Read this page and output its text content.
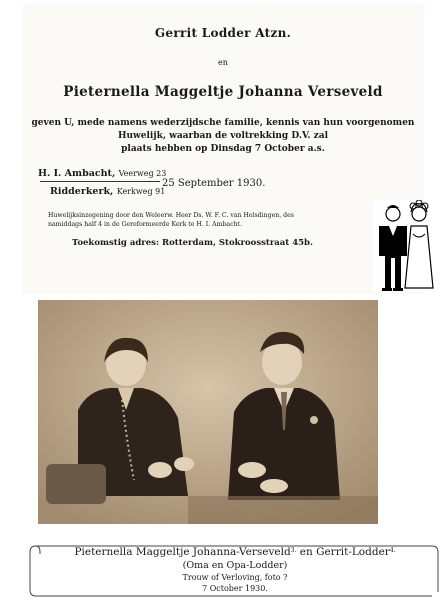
Gerrit Lodder Atzn.
en
Pieternella Maggeltje Johanna Verseveld
geven U, mede namens wederzijdsche familie, kennis van hun voorgenomen
Huwelijk, waarban de voltrekking D.V. zal
plaats hebben op Dinsdag 7 October a.s.
H. I. Ambacht, Veerweg 23
25 September 1930.
Ridderkerk, Kerkweg 91
Huwelijksinzegening door den Weleerw. Heer Ds. W. F. C. van Helsdingen, des
namiddags half 4 in de Gereformeerde Kerk te H. I. Ambacht.
Toekomstig adres: Rotterdam, Stokroosstraat 45b.
Pieternella Maggeltje Johanna-Verseveld$^{3.}$ en Gerrit-Lodder$^{4.}$
(Oma en Opa-Lodder)
Trouw of Verloving, foto ?
7 October 1930.
